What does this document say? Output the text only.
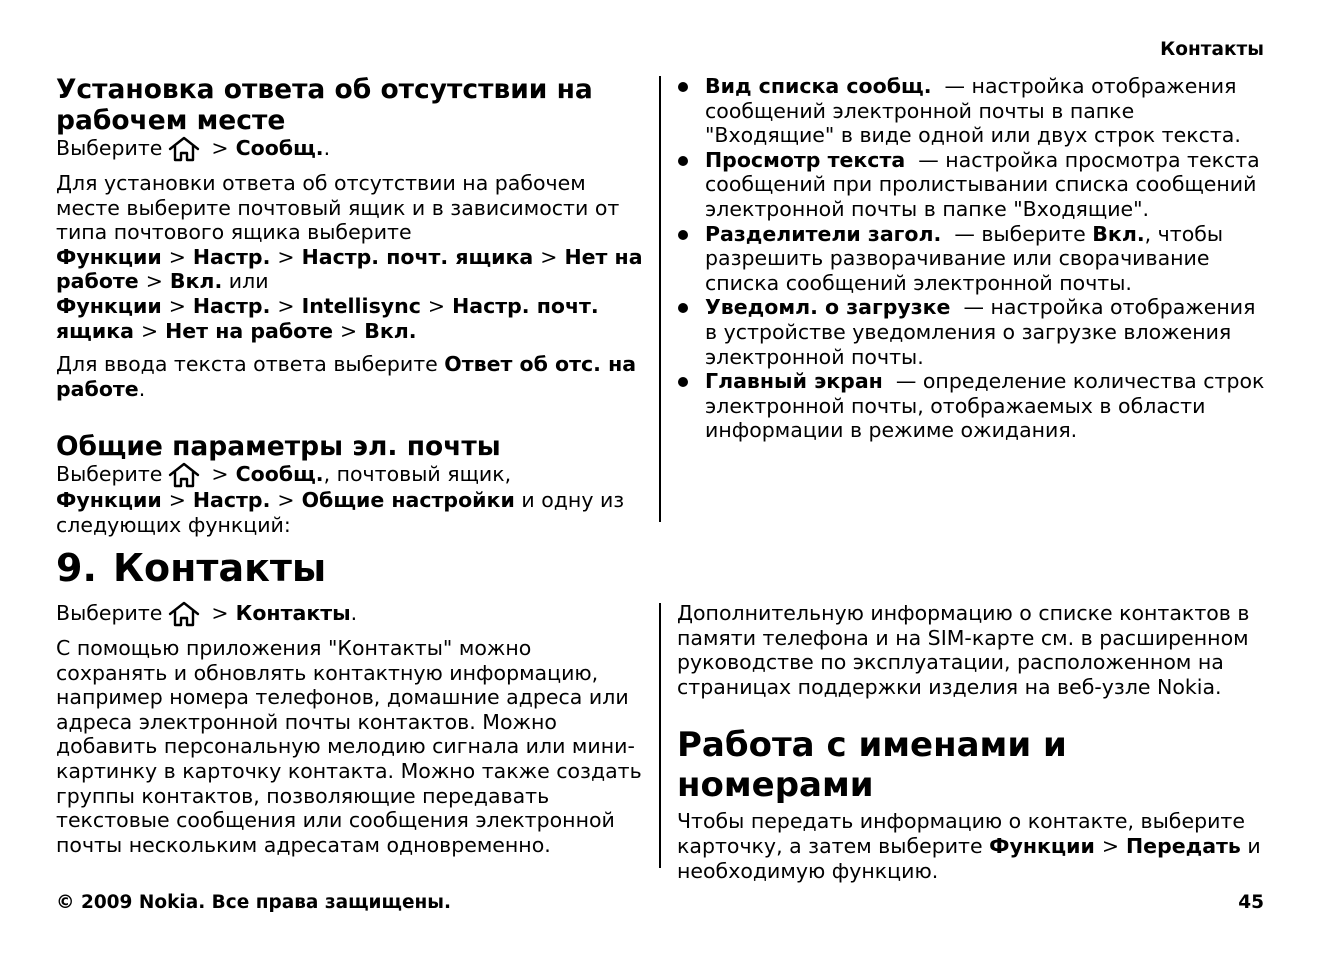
Контакты
Установка ответа об отсутствии на рабочем месте

Выберите > Сообщ..

Для установки ответа об отсутствии на рабочем месте выберите почтовый ящик и в зависимости от типа почтового ящика выберите Функции > Настр. > Настр. почт. ящика > Нет на работе > Вкл. или Функции > Настр. > Intellisync > Настр. почт. ящика > Нет на работе > Вкл.

Для ввода текста ответа выберите Ответ об отс. на работе.

Общие параметры эл. почты

Выберите > Сообщ., почтовый ящик, Функции > Настр. > Общие настройки и одну из следующих функций:

Вид списка сообщ. — настройка отображения сообщений электронной почты в папке "Входящие" в виде одной или двух строк текста.
Просмотр текста — настройка просмотра текста сообщений при пролистывании списка сообщений электронной почты в папке "Входящие".
Разделители загол. — выберите Вкл., чтобы разрешить разворачивание или сворачивание списка сообщений электронной почты.
Уведомл. о загрузке — настройка отображения в устройстве уведомления о загрузке вложения электронной почты.
Главный экран — определение количества строк электронной почты, отображаемых в области информации в режиме ожидания.
9. Контакты

Выберите > Контакты.

С помощью приложения "Контакты" можно сохранять и обновлять контактную информацию, например номера телефонов, домашние адреса или адреса электронной почты контактов. Можно добавить персональную мелодию сигнала или мини-картинку в карточку контакта. Можно также создать группы контактов, позволяющие передавать текстовые сообщения или сообщения электронной почты нескольким адресатам одновременно.

Дополнительную информацию о списке контактов в памяти телефона и на SIM-карте см. в расширенном руководстве по эксплуатации, расположенном на страницах поддержки изделия на веб-узле Nokia.

Работа с именами и номерами

Чтобы передать информацию о контакте, выберите карточку, а затем выберите Функции > Передать и необходимую функцию.

© 2009 Nokia. Все права защищены.	45
